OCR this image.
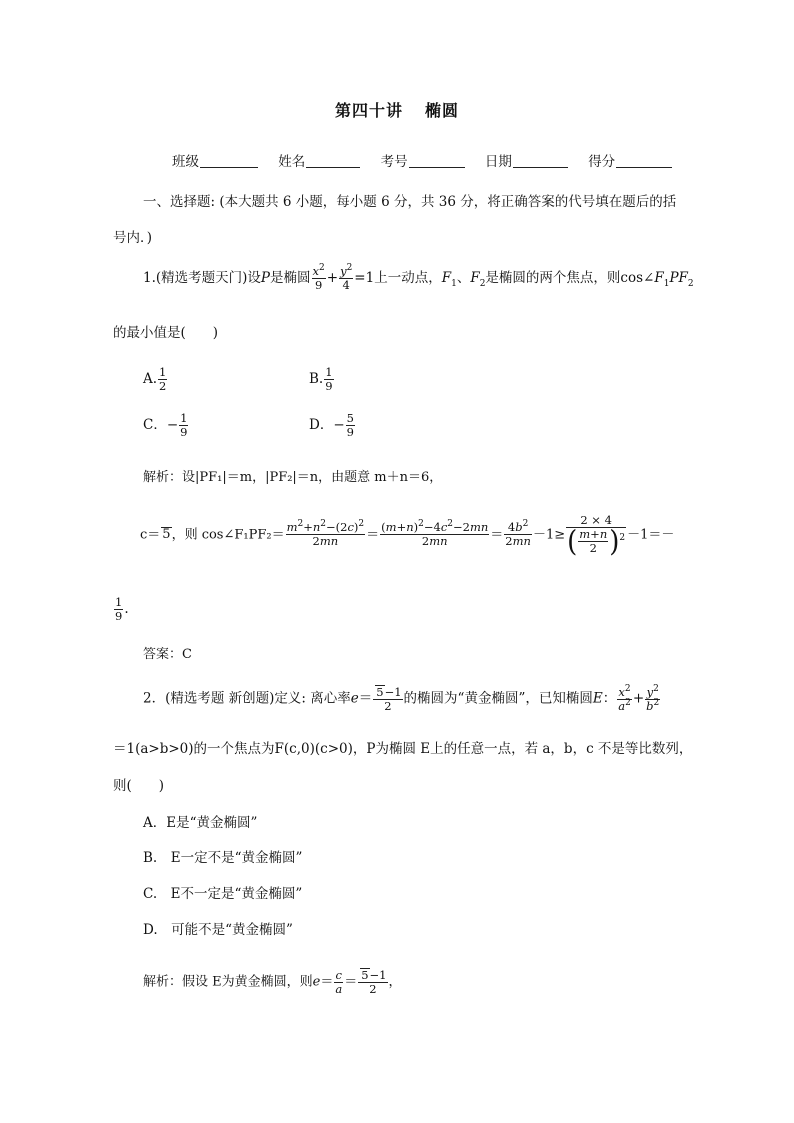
第四十讲 椭圆
班级	姓名	考号	日期	得分
一、选择题: (本大题共 6 小题，每小题 6 分，共 36 分，将正确答案的代号填在题后的括
号内．)
1.(精选考题天门)设P是椭圆 $\frac{x^2}{9} + \frac{y^2}{4} =1$上一动点，$F_1$、$F_2$是椭圆的两个焦点，则$\cos\angle F_1PF_2$
的最小值是(　　)
A. $\frac{1}{2}$	B. $\frac{1}{9}$
C．− $\frac{1}{9}$	D．− $\frac{5}{9}$
解析：设|PF₁|＝m，|PF₂|＝n，由题意 m＋n＝6，
c＝ 5，则 cos∠F₁PF₂＝ $\frac{m^2+n^2-(2c)^2}{2mn} = \frac{(m+n)^2-4c^2-2mn}{2mn} = \frac{4b^2}{2mn} -1\ge \frac{2 \times 4}{( \frac{m+n}{2} )^2} -1=-$
$\frac{1}{9}$ .
答案：C
2．(精选考题 新创题)定义: 离心率$e= \frac{5-1}{2}$ 的椭圆为“黄金椭圆”，已知椭圆E： $\frac{x^2}{a^2} + \frac{y^2}{b^2}$
＝1(a>b>0)的一个焦点为F(c,0)(c>0)，P为椭圆 E上的任意一点，若 a，b，c 不是等比数列，
则(　　)
A．E是“黄金椭圆”
B.　E一定不是“黄金椭圆”
C.　E不一定是“黄金椭圆”
D.　可能不是“黄金椭圆”
解析：假设 E为黄金椭圆，则$e= \frac{c}{a} = \frac{5-1}{2}$ ，
